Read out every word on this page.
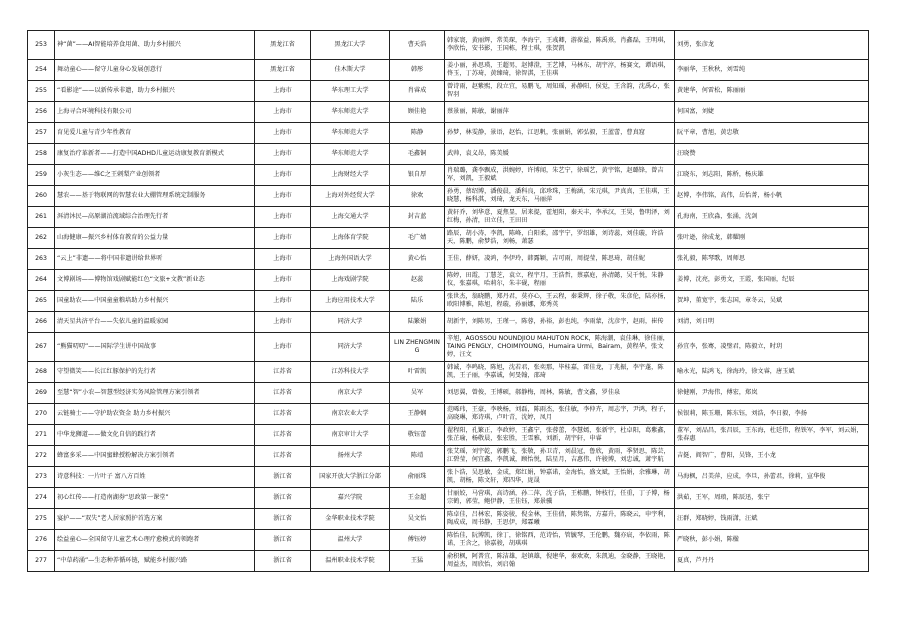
253	神“菌”——AI智能培养食用菌、助力乡村振兴	黑龙江省	黑龙江大学	曹天浩	韩家寰，黄丽辉，常美琛，李海宁，王彧卿，游葆益，陈禹熹，肖鑫磊，王明琪，李欣怡，安书影，王国栋，程士琪，张贺凯	刘勇，张彦龙
254	舞动童心——留守儿童身心发展创意行	黑龙江省	佳木斯大学	韩彤	姜小丽，孙思瑛，王超男，赵博澄，王艺博，马林东，胡宇淳，杨赛文，谭语琪，佟玉，丁苏琦，黄臻琦，徐智淇，王佳琪	李丽华，王秋秋，刘雪纯
255	“看影途”——以新传承非遗，助力乡村振兴	上海市	华东理工大学	肖睿成	曾诗雨，赵紫熙，段立宜，易鹏飞，周知瑶，孙静阳，侯觉，王含韵，沈禹心，张智羽	黄建华，何雷松，陈丽丽
256	上海寻合环境科技有限公司	上海市	华东师范大学	顾佳艳	蔡景丽，陈敏，谢丽萍	何国富，刘婕
257	育见爱儿童与青少年性教育	上海市	华东师范大学	陈静	孙梦，林雯静，景语，赵怡，江思帆，张丽娟，郭弘毅，王蓝蕾，曹真窟	阮平章，曹旭，黄忠敬
258	康复治疗革新者——打造中国ADHD儿童运动康复教育新模式	上海市	华东师范大学	毛鑫铜	武帅，袁义昂，陈美媛	汪晓赞
259	小灰生态——维C之王刺梨产业创领者	上海市	上海财经大学	银自厚	肖瑞璐，龚李飘成，洪婉婷，许博闻，朱艺宁，徐瑶艺，黄宇铭，赵璐锋，曾吉军，刘凯，王毅斌	江晓东，刘志阳，陈桥，杨庆雄
260	慧农——基于物联网的智慧农业大棚管理系统定制服务	上海市	上海对外经贸大学	徐欢	孙勇，蔡绍博，潘俊晨，潘科良，邱珍珠，王梅涵，宋元琪，尹真真，王佳琪，王晓慧，杨科淇，刘琦，龙天东，马丽萍	赵博，李伟铭，高伟，岳怡菁，杨小帆
261	洱清沐民—高原湖泊流域综合治理先行者	上海市	上海交通大学	封吉蓝	黄轩乔，刘华意，夏焦显，居来提，霍旭阳，秦天丰，李承汉，王昊，鲁明泽，刘红梅，孙清，田立佳，王田田	孔海南，王欣淼，张涌，沈剑
262	山海健康—振兴乡村体育教育的公益力量	上海市	上海体育学院	毛广婧	路辰，胡小涛，李凯，陈峰，白阳柔，邵宇宁，罗绍雄，刘诗蕊，刘佳璇，许浩天，陈鹏，俞梦浩，刘畅，萧瑟	张叶逊，徐成龙，韩耀刚
263	“云上”非遗——将中国非遗讲给世界听	上海市	上海外国语大学	黄心怡	王佳，薛妍，凌鸿，李伊玲，韩露颖，吉可雨，周提莹，陈思琦，胡佳妮	张礼毅，陈琴歌，周师思
264	文博剧场——博物馆戏剧赋能红色“文旅+文教”新业态	上海市	上海戏剧学院	赵蕊	陈婷，田霞，丁慧芝，袁立，程宇月，王浩哲，蔡嘉庭，孙清懿，吴千悦，朱静仪，张嘉琪，哈莉尔，朱丰砚，程丽	姜博，沈亮，彭勇文，王霞，张国丽，纪辰
265	国童助农——中国童童粮培助力乡村振兴	上海市	上海应用技术大学	陆乐	张世杰，翁晓鹏，郑丹君，莫亦心，王云程，秦秉辉，徐子敬，朱彦伦，陆亦扬，欧阳博雅，陈旭，程璇，孙丽娜，郑秀英	贺坤，董宽宇，张志国，章冬云，吴斌
266	清天星共济平台——失依儿童的温暖家园	上海市	同济大学	陆繁娟	胡新宇，刘陈男，王瑾一，陈蓉，孙裕，彭也纯，李雨蒙，沈彦宇，赵雨，崔传	刘清，刘日明
267	“熊猫叨叨”——国际学生讲中国故事	上海市	同济大学	LIN ZHENGMING	辛旭，AGOSSOU NOUNDJIOU MAHUTON ROCK，陈海潮，袁佳琳，徐佳丽，TAING PENGLY，CHOIMIYOUNG，Humaira Urmi，Bairam，黄程华，张文婷，汪文	孙宜李，张骞，凌璧君，陈毅立，时玥
268	守望微笑——长江红豚保护的先行者	江苏省	江苏科技大学	叶雷凯	韩诚，李鸣晓，陈旭，沈若君，张奕那，毕桂嘉，雷佳龙，丁兆振，李宇蓬，陈凯，王子丽，李嘉诚，何旻翰，邵琦	喻永光，陆鸿飞，徐海玲，徐文睿，唐玉斌
269	至慧“智”小农—智慧型经济实务风险管理方案引领者	江苏省	南京大学	吴军	刘思翼，曾俊，王博硕，郝静梅，周林，陈敏，曹文鑫，罗佳泉	徐健刚，尹海伟，傅宏，郑岚
270	云链骑士——守护助农资金 助力乡村振兴	江苏省	南京农业大学	王静娴	范晞玮，王豪，李映杨，刘磊，陈雨杰，张佳敏，李仲卉，周志宇，尹鸿，程子，高晓琳，郑诗琪，卢叶青，沈婷，凤月	侯银莉，陈玉珊，陈东钰，刘浩，李日毅，李扬
271	中华龙狮道——做文化自信的践行者	江苏省	南京审计大学	敬钰蕾	翟程阳，孔繁正，李政婷，王鑫宁，张蓉蕾，李慧嫣，张新宇，杜卓阳，葛紫鑫，张芷瑜，杨敬晨，张宏胜，王雪雅，刘新，胡宇轩，申睿	董军，刘品昌，张昌辰，王东海，杜廷伟，程铁军，李军，刘云娟，张春惠
272	蜂富多采——中国蜜蜂授粉解决方案引领者	江苏省	扬州大学	陈靖	张艾瑶，刘宇乾，郭鹏飞，张敬，孙卫青，刘晨冠，鲁欣，黄雨，季贤思，陈芸，江碧莹，何宜鑫，李凯诚，顾怡悦，陆星月，吉惠伟，许骏博，刘忠诚，萧宇航	吉挺，阎智广，曹阳，吴锋，王小龙
273	诗意科技：一片叶子 富八方百姓	浙江省	国家开放大学浙江分部	俞丽珠	张卜浩，吴思敏，金成，郑红娟，钟嘉诺，金海怡，盛文斌，王怡娟，余雅琳，胡凯，胡杨，陈文轩，郑四华，庞晟	马海枫，吕美萍，应成，李旦，孙蕾君，徐莉，宣华俊
274	初心红传——打造南湖券“思政第一课堂”	浙江省	嘉兴学院	王金超	甘丽姣，马营琪，高诗涵，孙二萍，沈子浩，王栋鹏，钟枝行，任重，丁子博，杨宗鹤，郭莹，鲍伊静，王佳钰，郑景骥	洪茹，王军，周琅，陈辰迅，张宁
275	宴护——“双失”老人居家照护首选方案	浙江省	金华职业技术学院	吴文怡	陈卓佳，吕林宏，陈姿骏，倪金林，王佳倩，陈隽铭，方嘉升，陈晓云，申宇利，陶成成，周书静，王思伊，郑霖曦	汪群，郑晓婷，钱雨潇，汪斌
276	绘益童心—全国留守儿童艺术心理疗愈模式的领跑者	浙江省	温州大学	傅钰婷	陈怡佳，阮博凯，徐丁，徐铭西，范诗怡，管毓琴，王伦鹏，魏亦宸，李依雨，陈诺，王含之，徐嘉骏，胡琪琪	严晓秋，彭小娟，陈楹
277	“中草药涌”—生态种养循环链，赋能乡村振兴路	浙江省	温州职业技术学院	王猛	俞积枫，阿普宜，陈洁雄，赵镇雄，倪建华，秦欢欢，朱凯迪，金晓静，王晓艳，周益杰，周欣怡，刘启翰	夏真，芦丹丹
